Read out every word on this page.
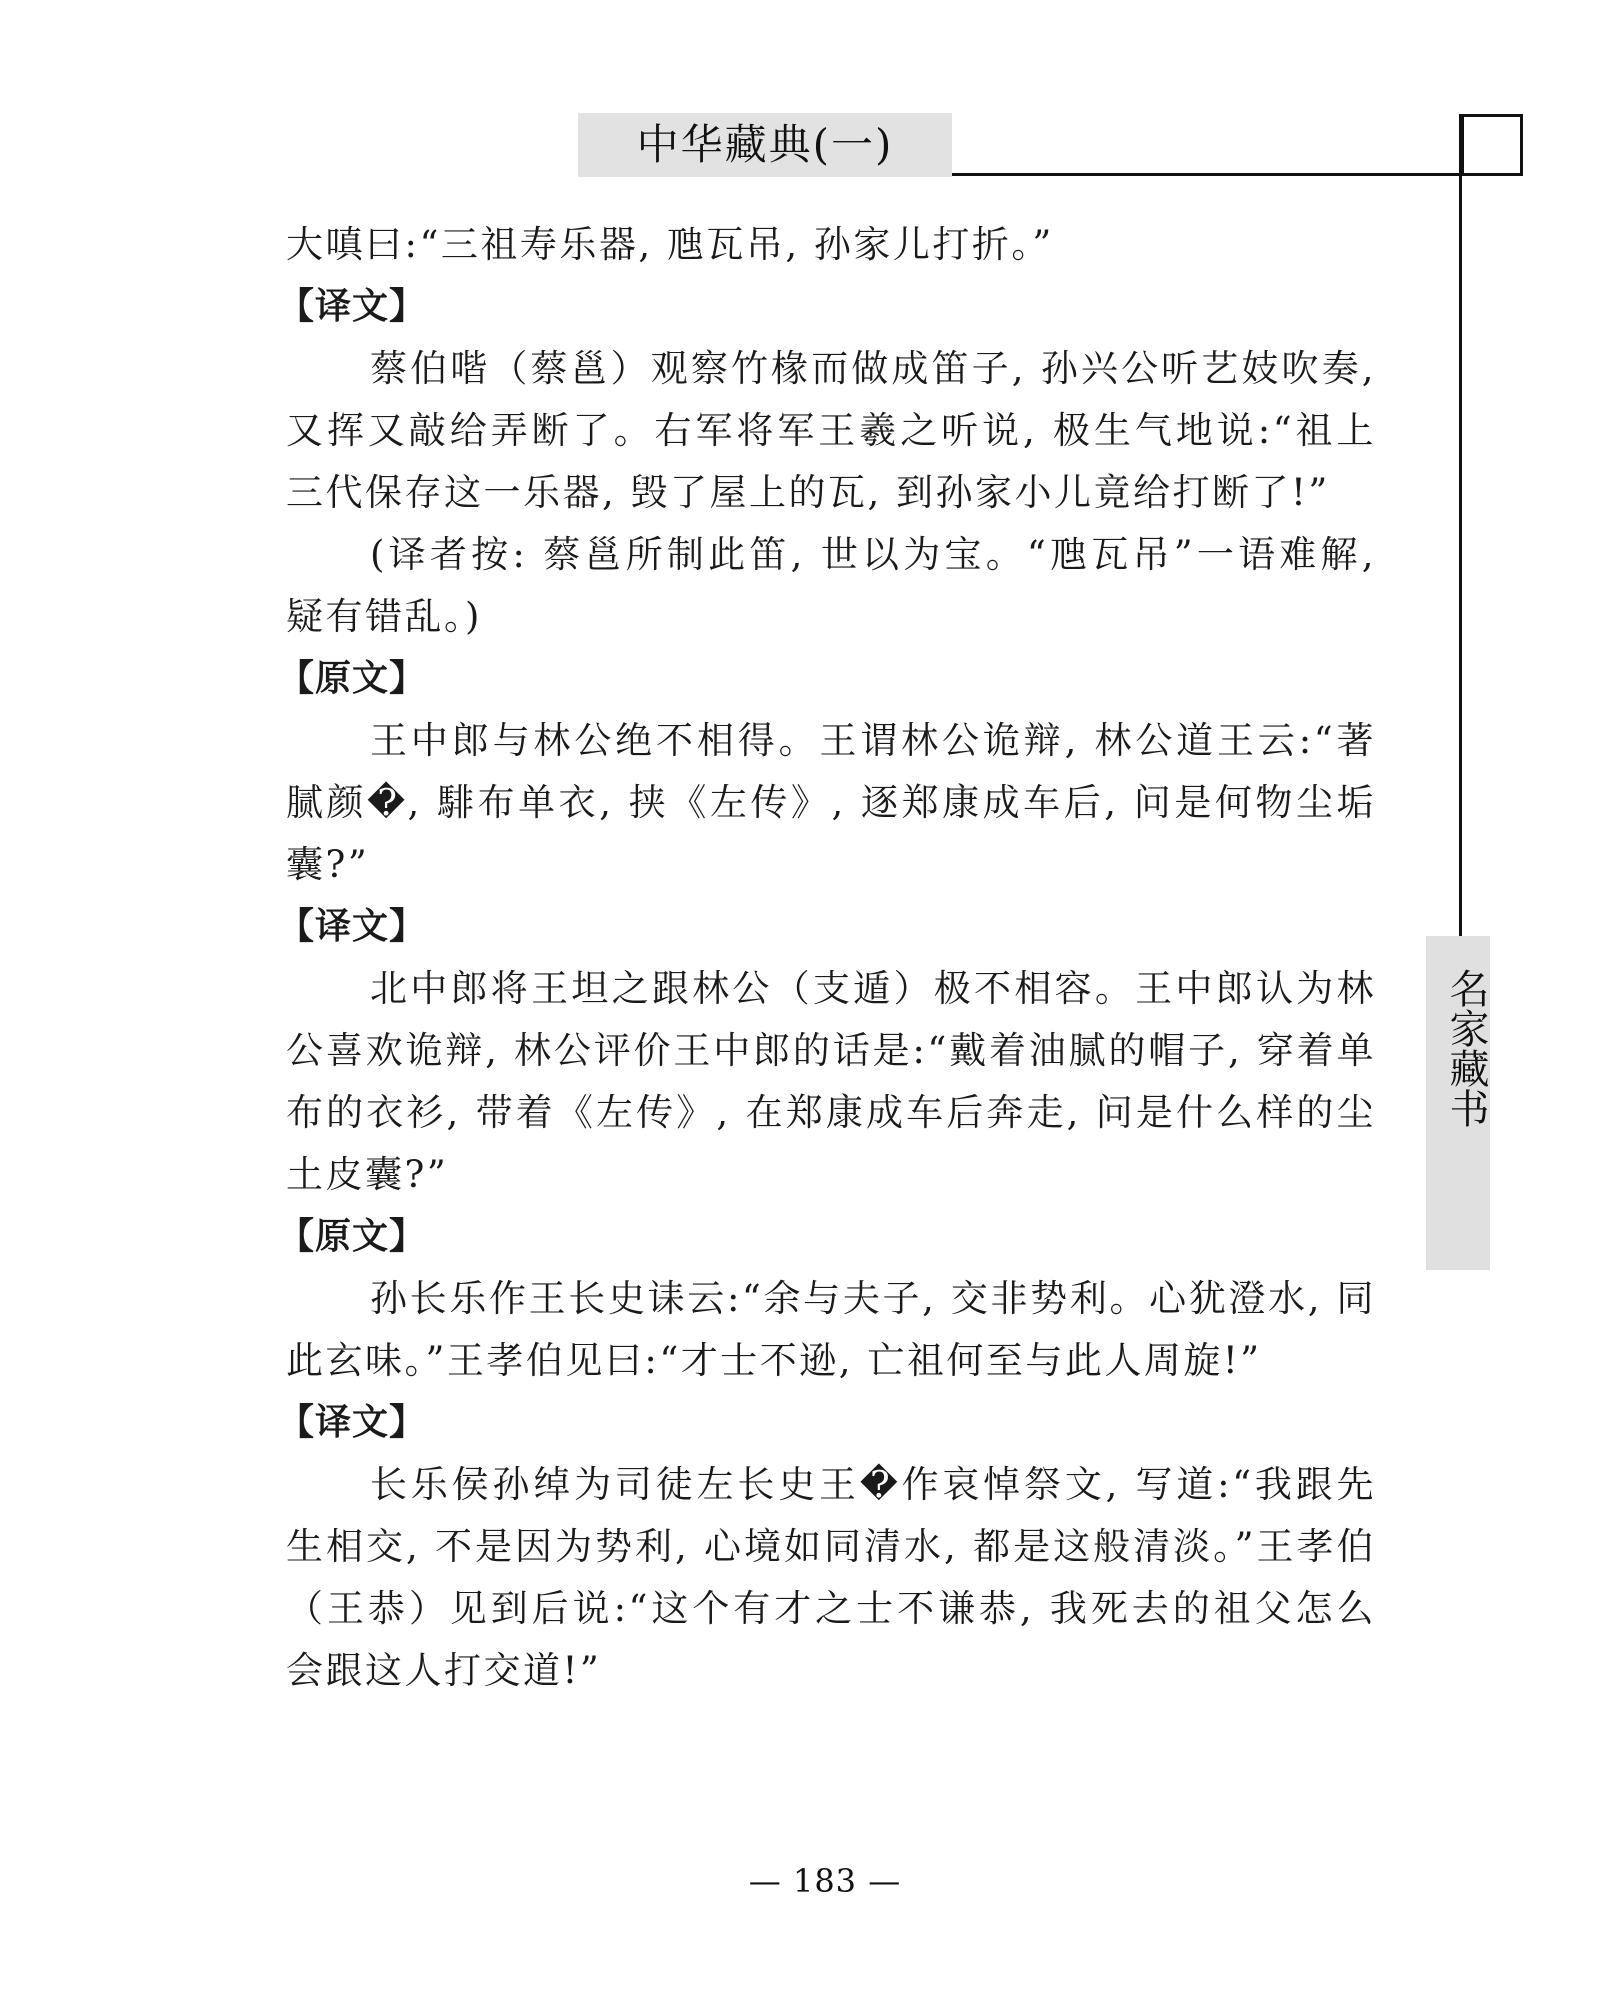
中华藏典(一)
名家藏书

大嗔曰:“三祖寿乐器, 虺瓦吊, 孙家儿打折。”

【译文】

蔡伯喈（蔡邕）观察竹椽而做成笛子, 孙兴公听艺妓吹奏, 又挥又敲给弄断了。右军将军王羲之听说, 极生气地说:“祖上三代保存这一乐器, 毁了屋上的瓦, 到孙家小儿竟给打断了!”

(译者按: 蔡邕所制此笛, 世以为宝。“虺瓦吊”一语难解, 疑有错乱。)

【原文】

王中郎与林公绝不相得。王谓林公诡辩, 林公道王云:“著腻颜�, 騑布单衣, 挟《左传》, 逐郑康成车后, 问是何物尘垢囊?”

【译文】

北中郎将王坦之跟林公（支遁）极不相容。王中郎认为林公喜欢诡辩, 林公评价王中郎的话是:“戴着油腻的帽子, 穿着单布的衣衫, 带着《左传》, 在郑康成车后奔走, 问是什么样的尘土皮囊?”

【原文】

孙长乐作王长史诔云:“余与夫子, 交非势利。心犹澄水, 同此玄味。”王孝伯见曰:“才士不逊, 亡祖何至与此人周旋!”

【译文】

长乐侯孙绰为司徒左长史王�作哀悼祭文, 写道:“我跟先生相交, 不是因为势利, 心境如同清水, 都是这般清淡。”王孝伯（王恭）见到后说:“这个有才之士不谦恭, 我死去的祖父怎么会跟这人打交道!”

— 183 —
